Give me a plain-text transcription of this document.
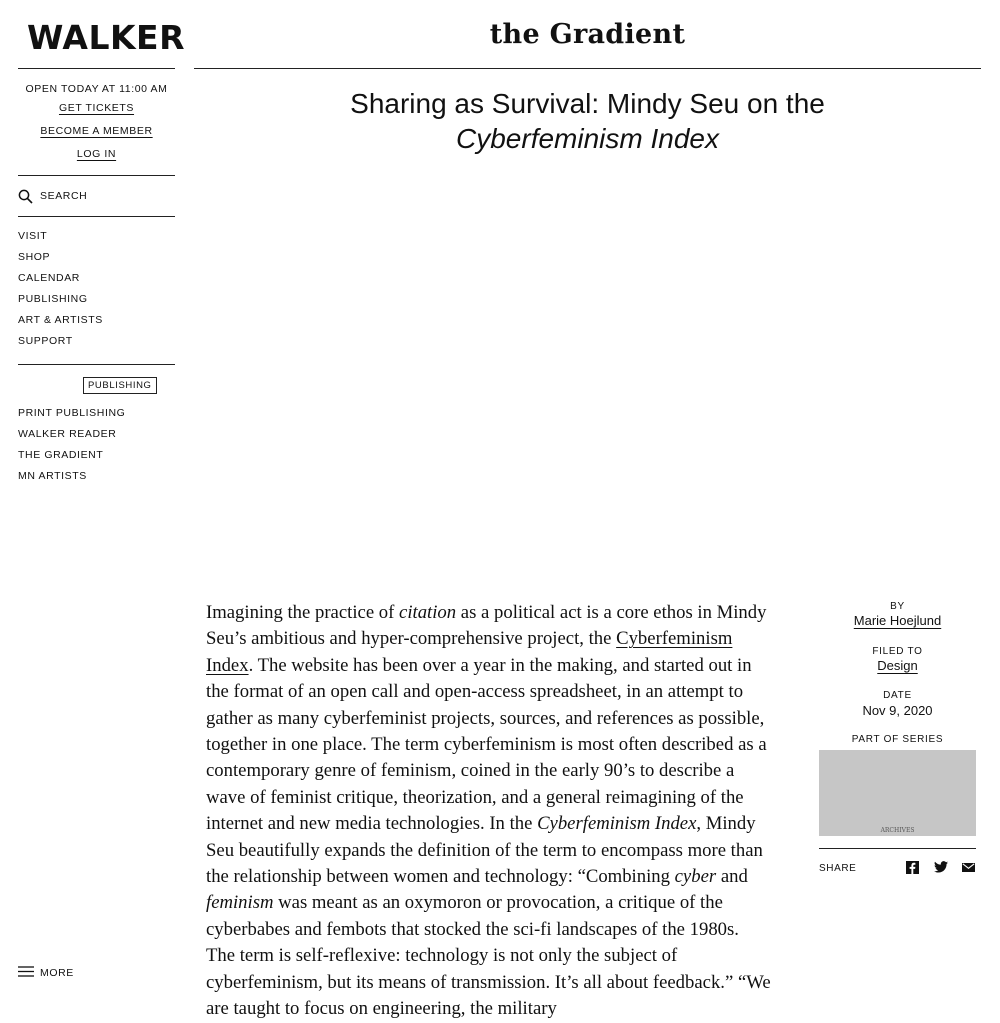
WALKER
OPEN TODAY AT 11:00 AM
GET TICKETS
BECOME A MEMBER
LOG IN
SEARCH
VISIT
SHOP
CALENDAR
PUBLISHING
ART & ARTISTS
SUPPORT
PUBLISHING
PRINT PUBLISHING
WALKER READER
THE GRADIENT
MN ARTISTS
MORE
the Gradient
Sharing as Survival: Mindy Seu on the
Cyberfeminism Index

Imagining the practice of citation as a political act is a core ethos in Mindy Seu’s ambitious and hyper-comprehensive project, the Cyberfeminism Index. The website has been over a year in the making, and started out in the format of an open call and open-access spreadsheet, in an attempt to gather as many cyberfeminist projects, sources, and references as possible, together in one place. The term cyberfeminism is most often described as a contemporary genre of feminism, coined in the early 90’s to describe a wave of feminist critique, theorization, and a general reimagining of the internet and new media technologies. In the Cyberfeminism Index, Mindy Seu beautifully expands the definition of the term to encompass more than the relationship between women and technology: “Combining cyber and feminism was meant as an oxymoron or provocation, a critique of the cyberbabes and fembots that stocked the sci-fi landscapes of the 1980s. The term is self-reflexive: technology is not only the subject of cyberfeminism, but its means of transmission. It’s all about feedback.” “We are taught to focus on engineering, the military

BY
Marie Hoejlund
FILED TO
Design
DATE
Nov 9, 2020
PART OF SERIES
ARCHIVES
SHARE
